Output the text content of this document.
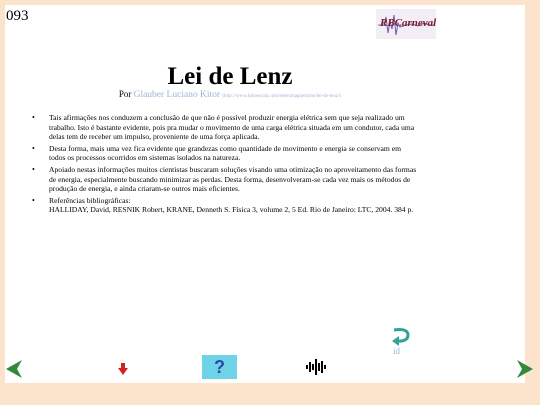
093	RBCarneval
Lei de Lenz
Por Glauber Luciano Kitor (http://www.infoescola.com/eletromagnetismo/lei-de-lenz/)
• Tais afirmações nos conduzem a conclusão de que não é possível produzir energia elétrica sem que seja realizado um trabalho. Isto é bastante evidente, pois pra mudar o movimento de uma carga elétrica situada em um condutor, cada uma delas tem de receber um impulso, proveniente de uma força aplicada.
• Desta forma, mais uma vez fica evidente que grandezas como quantidade de movimento e energia se conservam em todos os processos ocorridos em sistemas isolados na natureza.
• Apoiado nestas informações muitos cientistas buscaram soluções visando uma otimização no aproveitamento das formas de energia, especialmente buscando minimizar as perdas. Desta forma, desenvolveram-se cada vez mais os métodos de produção de energia, e ainda criaram-se outros mais eficientes.
• Referências bibliográficas:
HALLIDAY, David, RESNIK Robert, KRANE, Denneth S. Física 3, volume 2, 5 Ed. Rio de Janeiro: LTC, 2004. 384 p.
?
id
